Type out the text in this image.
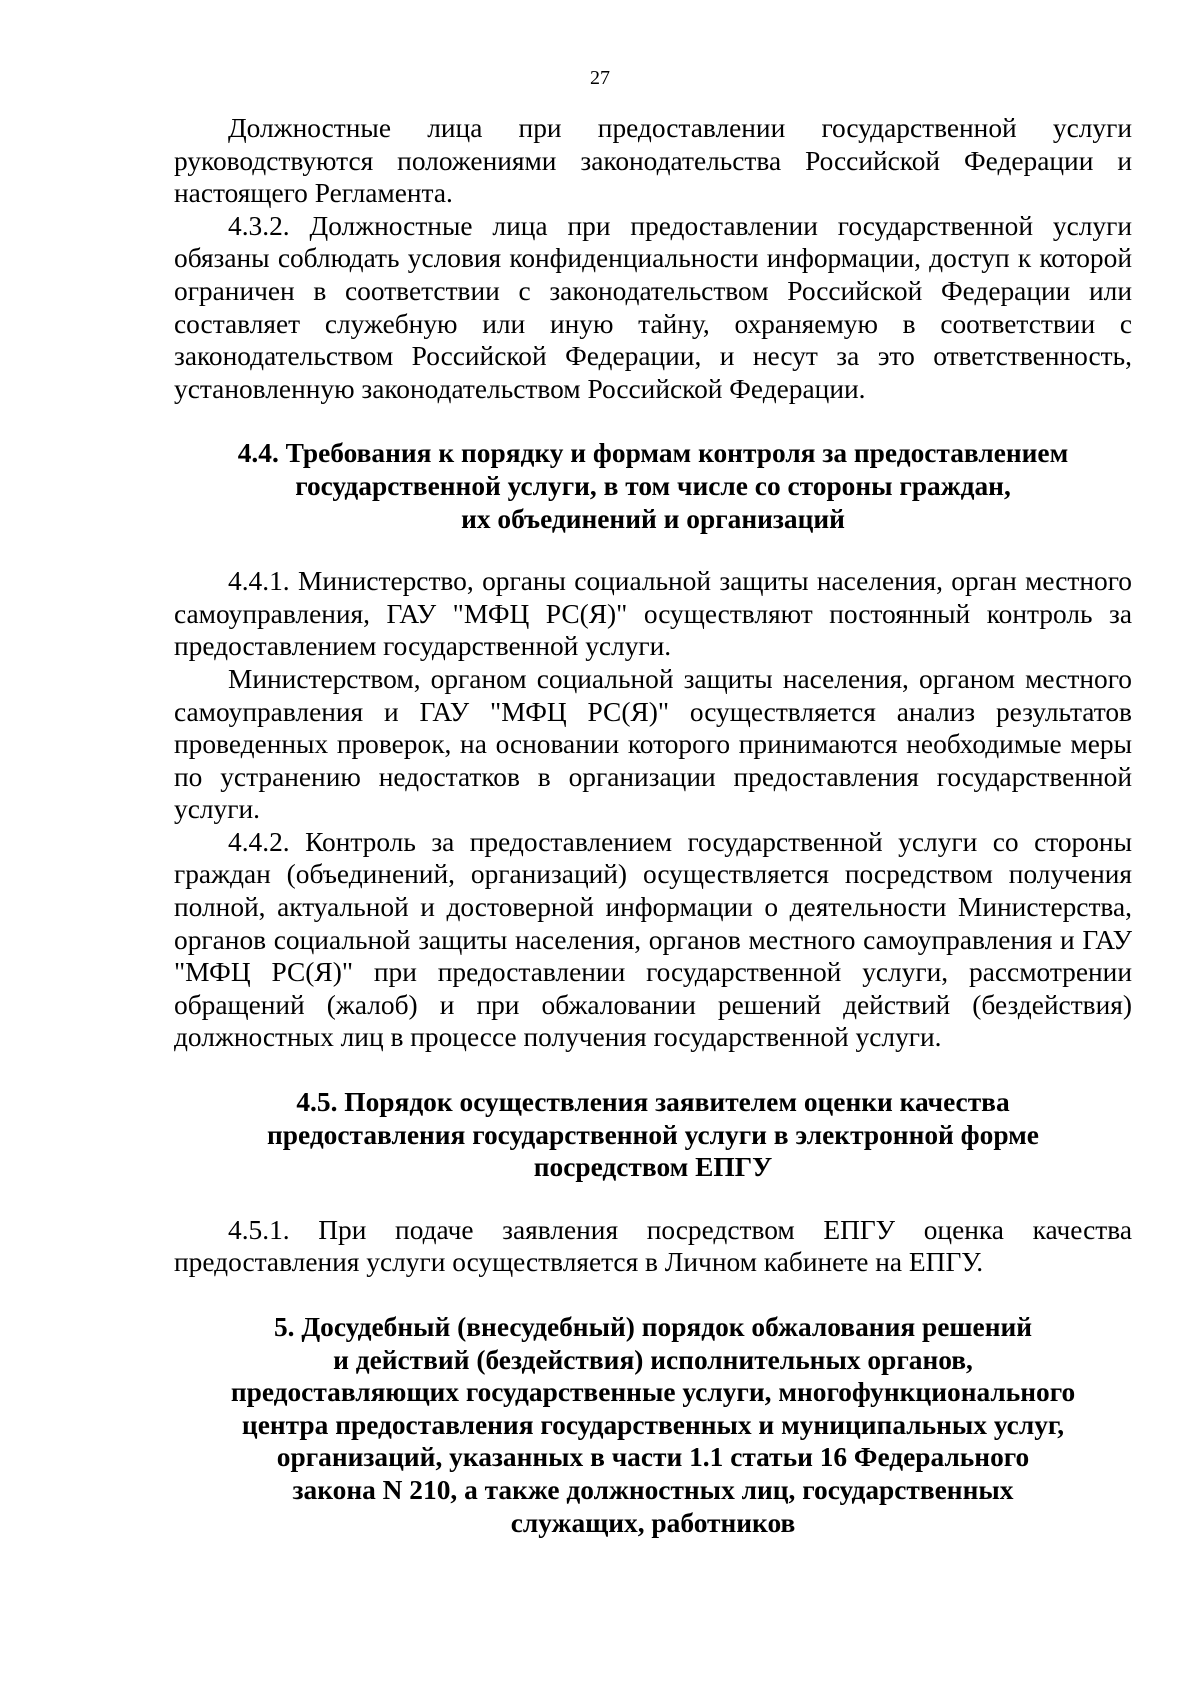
27

Должностные лица при предоставлении государственной услуги руководствуются положениями законодательства Российской Федерации и настоящего Регламента.

4.3.2. Должностные лица при предоставлении государственной услуги обязаны соблюдать условия конфиденциальности информации, доступ к которой ограничен в соответствии с законодательством Российской Федерации или составляет служебную или иную тайну, охраняемую в соответствии с законодательством Российской Федерации, и несут за это ответственность, установленную законодательством Российской Федерации.

4.4. Требования к порядку и формам контроля за предоставлением
государственной услуги, в том числе со стороны граждан,
их объединений и организаций

4.4.1. Министерство, органы социальной защиты населения, орган местного самоуправления, ГАУ "МФЦ РС(Я)" осуществляют постоянный контроль за предоставлением государственной услуги.

Министерством, органом социальной защиты населения, органом местного самоуправления и ГАУ "МФЦ РС(Я)" осуществляется анализ результатов проведенных проверок, на основании которого принимаются необходимые меры по устранению недостатков в организации предоставления государственной услуги.

4.4.2. Контроль за предоставлением государственной услуги со стороны граждан (объединений, организаций) осуществляется посредством получения полной, актуальной и достоверной информации о деятельности Министерства, органов социальной защиты населения, органов местного самоуправления и ГАУ "МФЦ РС(Я)" при предоставлении государственной услуги, рассмотрении обращений (жалоб) и при обжаловании решений действий (бездействия) должностных лиц в процессе получения государственной услуги.

4.5. Порядок осуществления заявителем оценки качества
предоставления государственной услуги в электронной форме
посредством ЕПГУ

4.5.1. При подаче заявления посредством ЕПГУ оценка качества предоставления услуги осуществляется в Личном кабинете на ЕПГУ.

5. Досудебный (внесудебный) порядок обжалования решений
и действий (бездействия) исполнительных органов,
предоставляющих государственные услуги, многофункционального
центра предоставления государственных и муниципальных услуг,
организаций, указанных в части 1.1 статьи 16 Федерального
закона N 210, а также должностных лиц, государственных
служащих, работников
